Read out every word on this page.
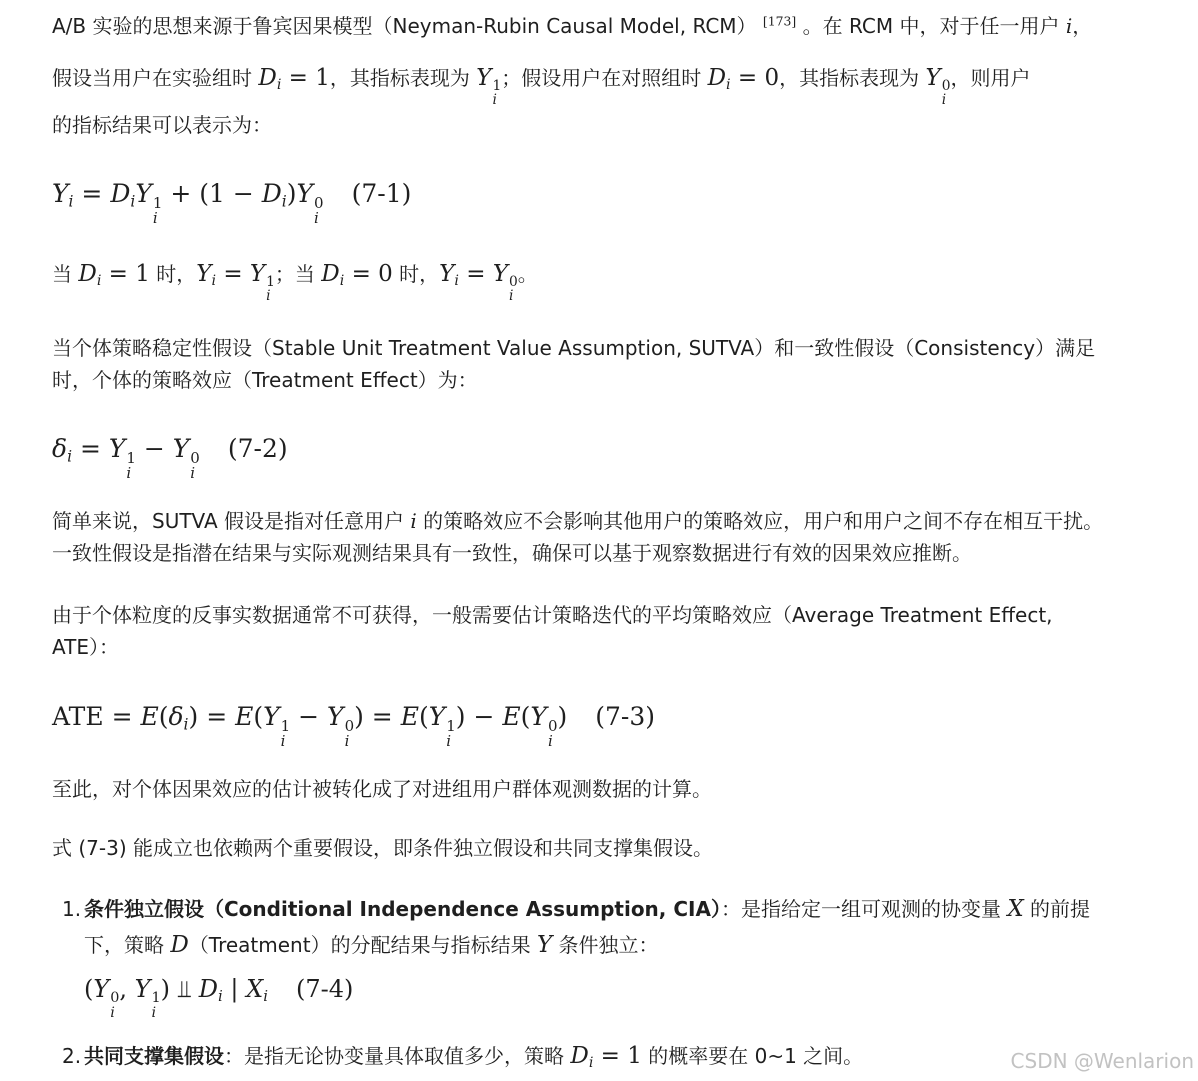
A/B 实验的思想来源于鲁宾因果模型（Neyman-Rubin Causal Model, RCM） [173] 。在 RCM 中，对于任一用户 i，

假设当用户在实验组时 $D_i = 1$，其指标表现为 Y 1
i
；假设用户在对照组时 $D_i = 0$，其指标表现为 Y 0
i
，则用户

的指标结果可以表示为：

$Y_i = D_iY$ 1
i
+ $(1 - D_i)Y$ 0
i
(7-1)

当 $D_i = 1$ 时，$Y_i = Y$ 1
i
；当 $D_i = 0$ 时，$Y_i = Y$ 0
i
。

当个体策略稳定性假设（Stable Unit Treatment Value Assumption, SUTVA）和一致性假设（Consistency）满足时，个体的策略效应（Treatment Effect）为：

$\delta_i = Y$ 1
i
− Y 0
i
(7-2)

简单来说，SUTVA 假设是指对任意用户 i 的策略效应不会影响其他用户的策略效应，用户和用户之间不存在相互干扰。一致性假设是指潜在结果与实际观测结果具有一致性，确保可以基于观察数据进行有效的因果效应推断。

由于个体粒度的反事实数据通常不可获得，一般需要估计策略迭代的平均策略效应（Average Treatment Effect, ATE）：

ATE = $E(\delta_i) = E(Y$ 1
i
− Y 0
i
) = E(Y 1
i
) − E(Y 0
i
) (7-3)

至此，对个体因果效应的估计被转化成了对进组用户群体观测数据的计算。

式 (7-3) 能成立也依赖两个重要假设，即条件独立假设和共同支撑集假设。

1. 条件独立假设（Conditional Independence Assumption, CIA）：是指给定一组可观测的协变量 X 的前提下，策略 D（Treatment）的分配结果与指标结果 Y 条件独立：
(Y 0
i
, Y 1
i
) ⫫ $D_i$ | $X_i$ (7-4)
2. 共同支撑集假设：是指无论协变量具体取值多少，策略 $D_i = 1$ 的概率要在 0~1 之间。	CSDN @Wenlarion
